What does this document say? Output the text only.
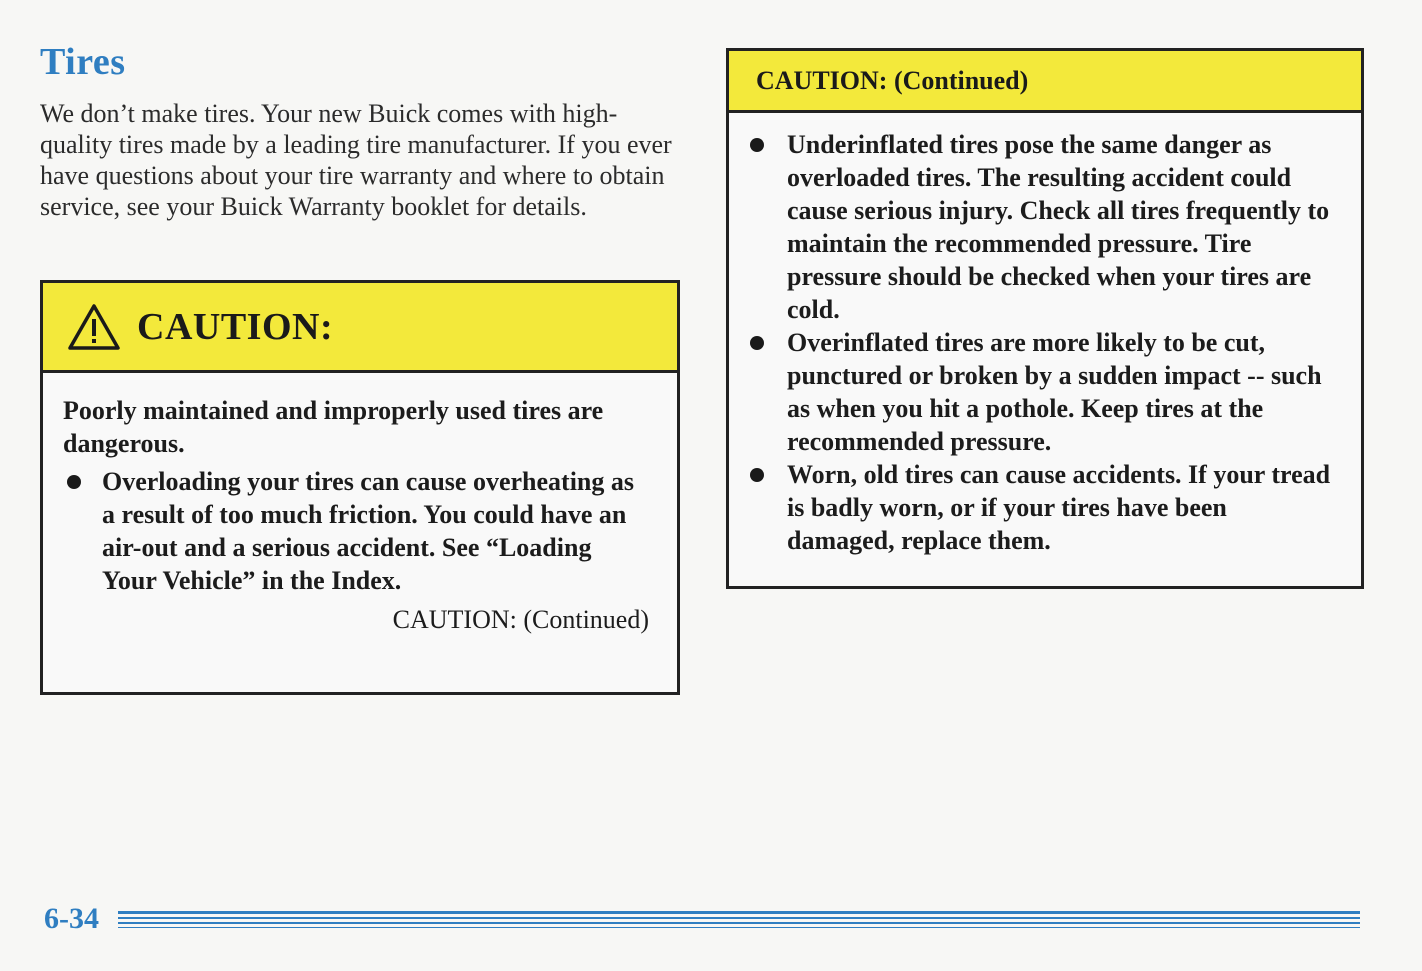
Tires

We don’t make tires. Your new Buick comes with high-quality tires made by a leading tire manufacturer. If you ever have questions about your tire warranty and where to obtain service, see your Buick Warranty booklet for details.

CAUTION:

Poorly maintained and improperly used tires are dangerous.

Overloading your tires can cause overheating as a result of too much friction. You could have an air-out and a serious accident. See “Loading Your Vehicle” in the Index.
CAUTION: (Continued)
CAUTION: (Continued)
Underinflated tires pose the same danger as overloaded tires. The resulting accident could cause serious injury. Check all tires frequently to maintain the recommended pressure. Tire pressure should be checked when your tires are cold.
Overinflated tires are more likely to be cut, punctured or broken by a sudden impact -- such as when you hit a pothole. Keep tires at the recommended pressure.
Worn, old tires can cause accidents. If your tread is badly worn, or if your tires have been damaged, replace them.
6-34
